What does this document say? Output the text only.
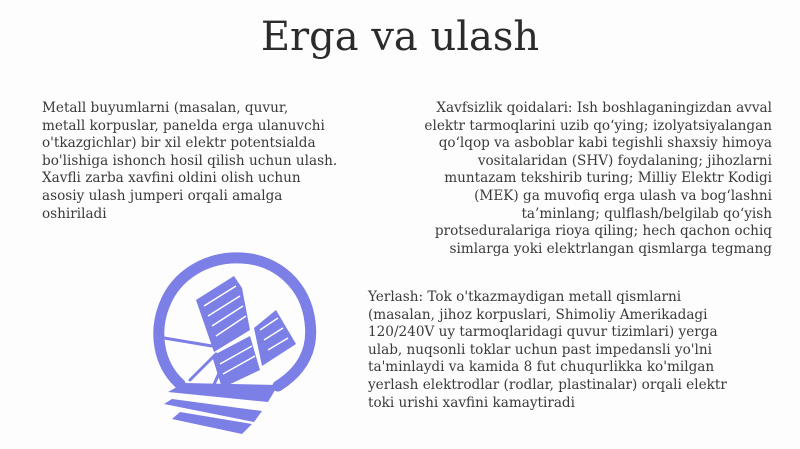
Erga va ulash

Metall buyumlarni (masalan, quvur,
metall korpuslar, panelda erga ulanuvchi
o'tkazgichlar) bir xil elektr potentsialda
bo'lishiga ishonch hosil qilish uchun ulash.
Xavfli zarba xavfini oldini olish uchun
asosiy ulash jumperi orqali amalga
oshiriladi

Xavfsizlik qoidalari: Ish boshlaganingizdan avval
elektr tarmoqlarini uzib qo‘ying; izolyatsiyalangan
qo‘lqop va asboblar kabi tegishli shaxsiy himoya
vositalaridan (SHV) foydalaning; jihozlarni
muntazam tekshirib turing; Milliy Elektr Kodigi
(MEK) ga muvofiq erga ulash va bog‘lashni
ta’minlang; qulflash/belgilab qo‘yish
protseduralariga rioya qiling; hech qachon ochiq
simlarga yoki elektrlangan qismlarga tegmang

Yerlash: Tok o'tkazmaydigan metall qismlarni
(masalan, jihoz korpuslari, Shimoliy Amerikadagi
120/240V uy tarmoqlaridagi quvur tizimlari) yerga
ulab, nuqsonli toklar uchun past impedansli yo'lni
ta'minlaydi va kamida 8 fut chuqurlikka ko'milgan
yerlash elektrodlar (rodlar, plastinalar) orqali elektr
toki urishi xavfini kamaytiradi
